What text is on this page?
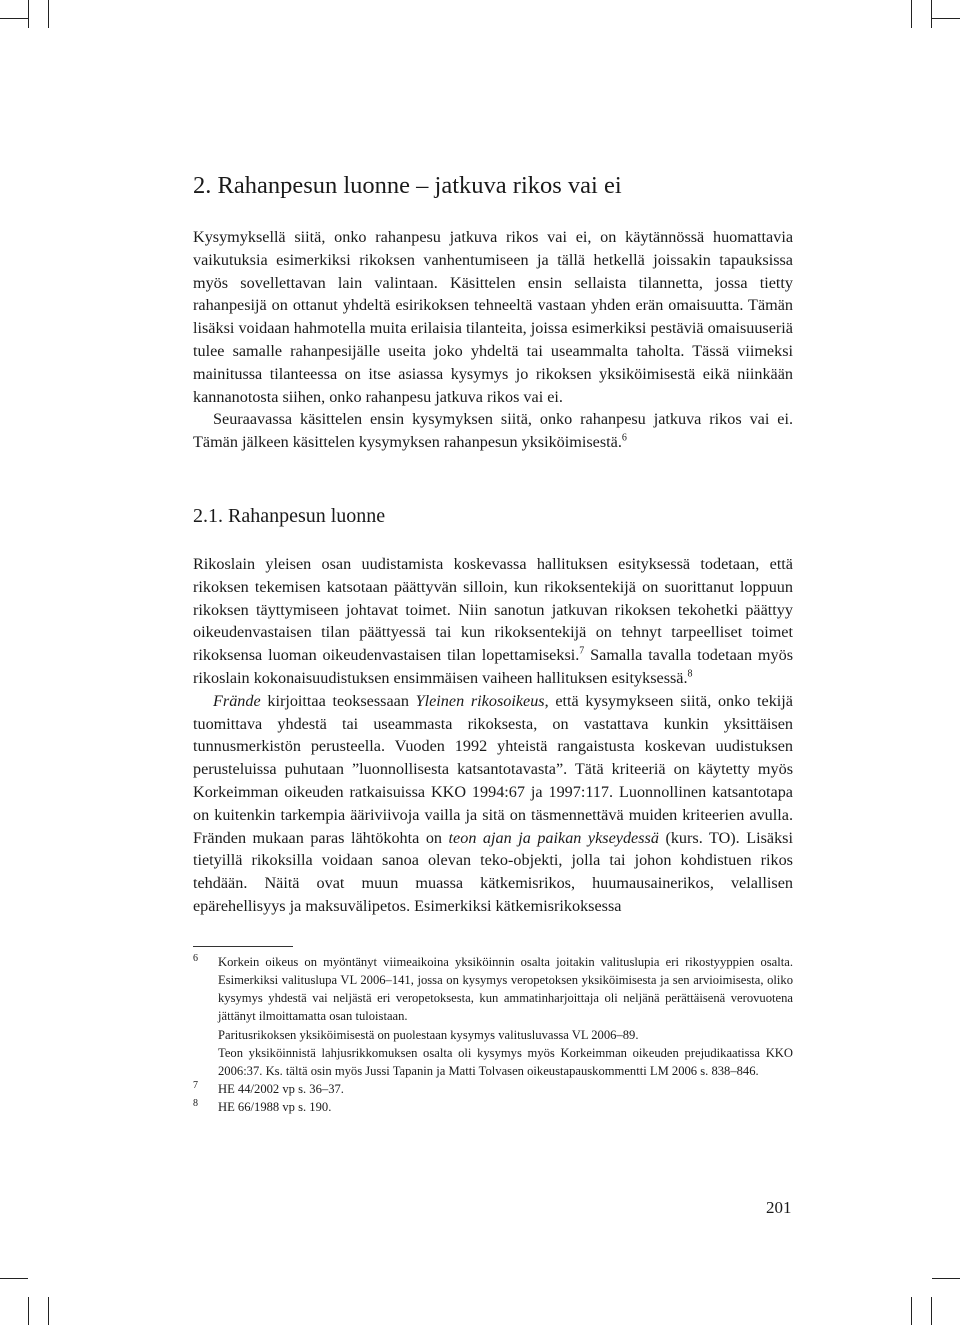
2. Rahanpesun luonne – jatkuva rikos vai ei

Kysymyksellä siitä, onko rahanpesu jatkuva rikos vai ei, on käytännössä huomattavia vaikutuksia esimerkiksi rikoksen vanhentumiseen ja tällä hetkellä joissakin tapauksissa myös sovellettavan lain valintaan. Käsittelen ensin sellaista tilannetta, jossa tietty rahanpesijä on ottanut yhdeltä esirikoksen tehneeltä vastaan yhden erän omaisuutta. Tämän lisäksi voidaan hahmotella muita erilaisia tilanteita, joissa esimerkiksi pestäviä omaisuuseriä tulee samalle rahanpesijälle useita joko yhdeltä tai useammalta taholta. Tässä viimeksi mainitussa tilanteessa on itse asiassa kysymys jo rikoksen yksiköimisestä eikä niinkään kannanotosta siihen, onko rahanpesu jatkuva rikos vai ei.

Seuraavassa käsittelen ensin kysymyksen siitä, onko rahanpesu jatkuva rikos vai ei. Tämän jälkeen käsittelen kysymyksen rahanpesun yksiköimisestä.$^6$

2.1. Rahanpesun luonne

Rikoslain yleisen osan uudistamista koskevassa hallituksen esityksessä todetaan, että rikoksen tekemisen katsotaan päättyvän silloin, kun rikoksentekijä on suorittanut loppuun rikoksen täyttymiseen johtavat toimet. Niin sanotun jatkuvan rikoksen tekohetki päättyy oikeudenvastaisen tilan päättyessä tai kun rikoksentekijä on tehnyt tarpeelliset toimet rikoksensa luoman oikeudenvastaisen tilan lopettamiseksi.$^7$ Samalla tavalla todetaan myös rikoslain kokonaisuudistuksen ensimmäisen vaiheen hallituksen esityksessä.$^8$

Frände kirjoittaa teoksessaan Yleinen rikosoikeus, että kysymykseen siitä, onko tekijä tuomittava yhdestä tai useammasta rikoksesta, on vastattava kunkin yksittäisen tunnusmerkistön perusteella. Vuoden 1992 yhteistä rangaistusta koskevan uudistuksen perusteluissa puhutaan ”luonnollisesta katsantotavasta”. Tätä kriteeriä on käytetty myös Korkeimman oikeuden ratkaisuissa KKO 1994:67 ja 1997:117. Luonnollinen katsantotapa on kuitenkin tarkempia ääriviivoja vailla ja sitä on täsmennettävä muiden kriteerien avulla. Fränden mukaan paras lähtökohta on teon ajan ja paikan ykseydessä (kurs. TO). Lisäksi tietyillä rikoksilla voidaan sanoa olevan teko-objekti, jolla tai johon kohdistuen rikos tehdään. Näitä ovat muun muassa kätkemisrikos, huumausainerikos, velallisen epärehellisyys ja maksuvälipetos. Esimerkiksi kätkemisrikoksessa

6 Korkein oikeus on myöntänyt viimeaikoina yksiköinnin osalta joitakin valituslupia eri rikostyyppien osalta. Esimerkiksi valituslupa VL 2006–141, jossa on kysymys veropetoksen yksiköimisesta ja sen arvioimisesta, oliko kysymys yhdestä vai neljästä eri veropetoksesta, kun ammatinharjoittaja oli neljänä perättäisenä verovuotena jättänyt ilmoittamatta osan tuloistaan.

Paritusrikoksen yksiköimisestä on puolestaan kysymys valitusluvassa VL 2006–89.

Teon yksiköinnistä lahjusrikkomuksen osalta oli kysymys myös Korkeimman oikeuden prejudikaatissa KKO 2006:37. Ks. tältä osin myös Jussi Tapanin ja Matti Tolvasen oikeustapauskommentti LM 2006 s. 838–846.

7 HE 44/2002 vp s. 36–37.

8 HE 66/1988 vp s. 190.

201
